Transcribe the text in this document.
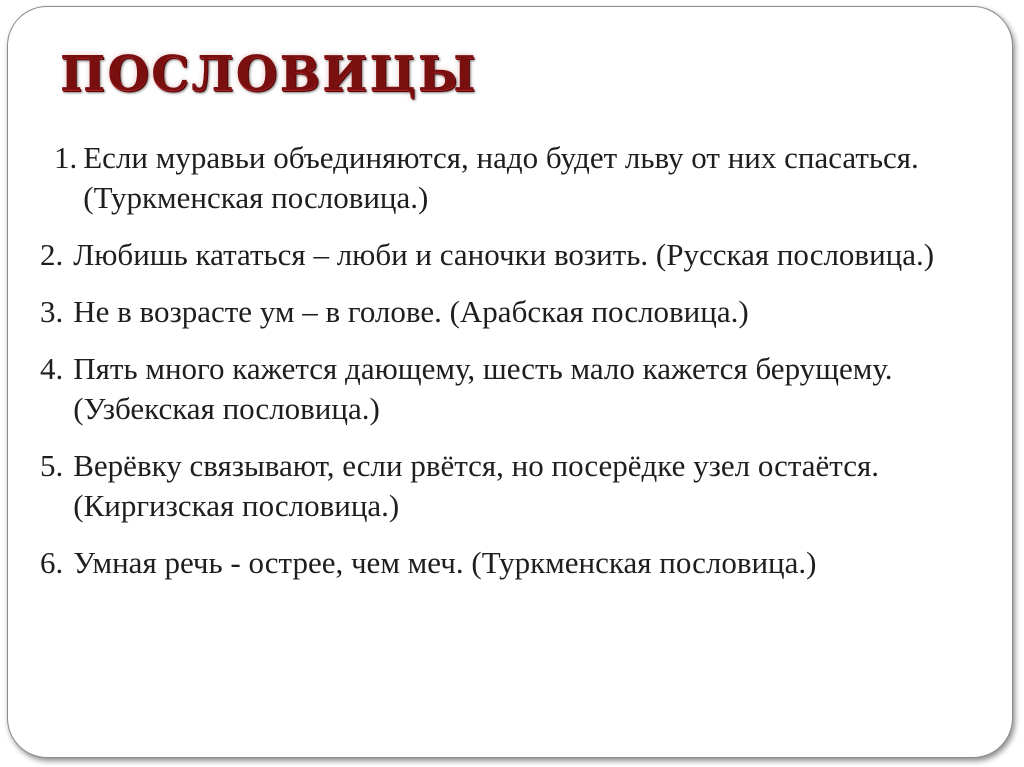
ПОСЛОВИЦЫ
1. Если муравьи объединяются, надо будет льву от них спасаться. (Туркменская пословица.)
2. Любишь кататься – люби и саночки возить. (Русская пословица.)
3. Не в возрасте ум – в голове. (Арабская пословица.)
4. Пять много кажется дающему, шесть мало кажется берущему. (Узбекская пословица.)
5. Верёвку связывают, если рвётся, но посерёдке узел остаётся. (Киргизская пословица.)
6. Умная речь - острее, чем меч. (Туркменская пословица.)
